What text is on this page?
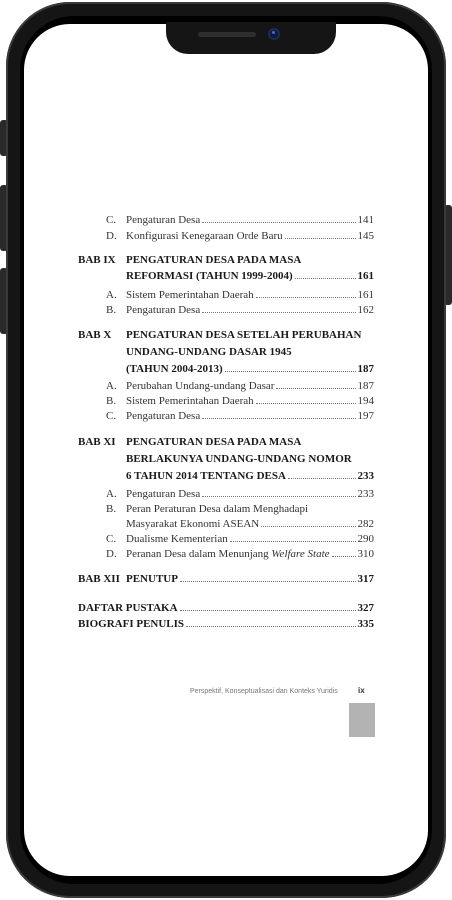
C. Pengaturan Desa	141
D. Konfigurasi Kenegaraan Orde Baru	145
BAB IX PENGATURAN DESA PADA MASA
REFORMASI (TAHUN 1999-2004)	161
A. Sistem Pemerintahan Daerah	161
B. Pengaturan Desa	162
BAB X PENGATURAN DESA SETELAH PERUBAHAN
UNDANG-UNDANG DASAR 1945
(TAHUN 2004-2013)	187
A. Perubahan Undang-undang Dasar	187
B. Sistem Pemerintahan Daerah	194
C. Pengaturan Desa	197
BAB XI PENGATURAN DESA PADA MASA
BERLAKUNYA UNDANG-UNDANG NOMOR
6 TAHUN 2014 TENTANG DESA	233
A. Pengaturan Desa	233
B. Peran Peraturan Desa dalam Menghadapi
Masyarakat Ekonomi ASEAN	282
C. Dualisme Kementerian	290
D. Peranan Desa dalam Menunjang Welfare State	310
BAB XII PENUTUP	317
DAFTAR PUSTAKA	327
BIOGRAFI PENULIS	335
Perspektif, Konseptualisasi dan Konteks Yuridis	ix
